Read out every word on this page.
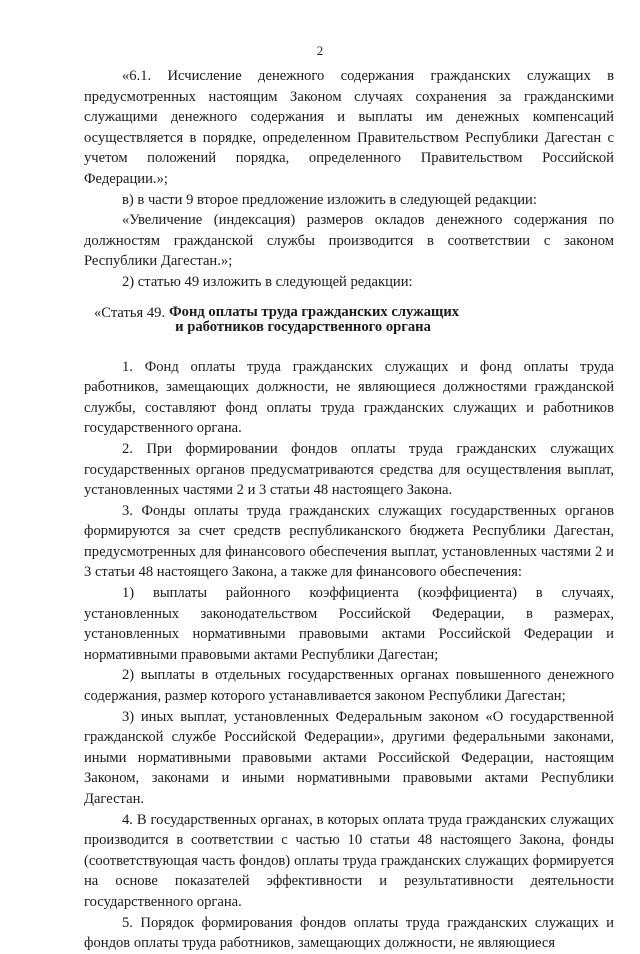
2

«6.1. Исчисление денежного содержания гражданских служащих в предусмотренных настоящим Законом случаях сохранения за гражданскими служащими денежного содержания и выплаты им денежных компенсаций осуществляется в порядке, определенном Правительством Республики Дагестан с учетом положений порядка, определенного Правительством Российской Федерации.»;

в) в части 9 второе предложение изложить в следующей редакции:

«Увеличение (индексация) размеров окладов денежного содержания по должностям гражданской службы производится в соответствии с законом Республики Дагестан.»;

2) статью 49 изложить в следующей редакции:

«Статья 49. Фонд оплаты труда гражданских служащих
и работников государственного органа

1. Фонд оплаты труда гражданских служащих и фонд оплаты труда работников, замещающих должности, не являющиеся должностями гражданской службы, составляют фонд оплаты труда гражданских служащих и работников государственного органа.

2. При формировании фондов оплаты труда гражданских служащих государственных органов предусматриваются средства для осуществления выплат, установленных частями 2 и 3 статьи 48 настоящего Закона.

3. Фонды оплаты труда гражданских служащих государственных органов формируются за счет средств республиканского бюджета Республики Дагестан, предусмотренных для финансового обеспечения выплат, установленных частями 2 и 3 статьи 48 настоящего Закона, а также для финансового обеспечения:

1) выплаты районного коэффициента (коэффициента) в случаях, установленных законодательством Российской Федерации, в размерах, установленных нормативными правовыми актами Российской Федерации и нормативными правовыми актами Республики Дагестан;

2) выплаты в отдельных государственных органах повышенного денежного содержания, размер которого устанавливается законом Республики Дагестан;

3) иных выплат, установленных Федеральным законом «О государственной гражданской службе Российской Федерации», другими федеральными законами, иными нормативными правовыми актами Российской Федерации, настоящим Законом, законами и иными нормативными правовыми актами Республики Дагестан.

4. В государственных органах, в которых оплата труда гражданских служащих производится в соответствии с частью 10 статьи 48 настоящего Закона, фонды (соответствующая часть фондов) оплаты труда гражданских служащих формируется на основе показателей эффективности и результативности деятельности государственного органа.

5. Порядок формирования фондов оплаты труда гражданских служащих и фондов оплаты труда работников, замещающих должности, не являющиеся
